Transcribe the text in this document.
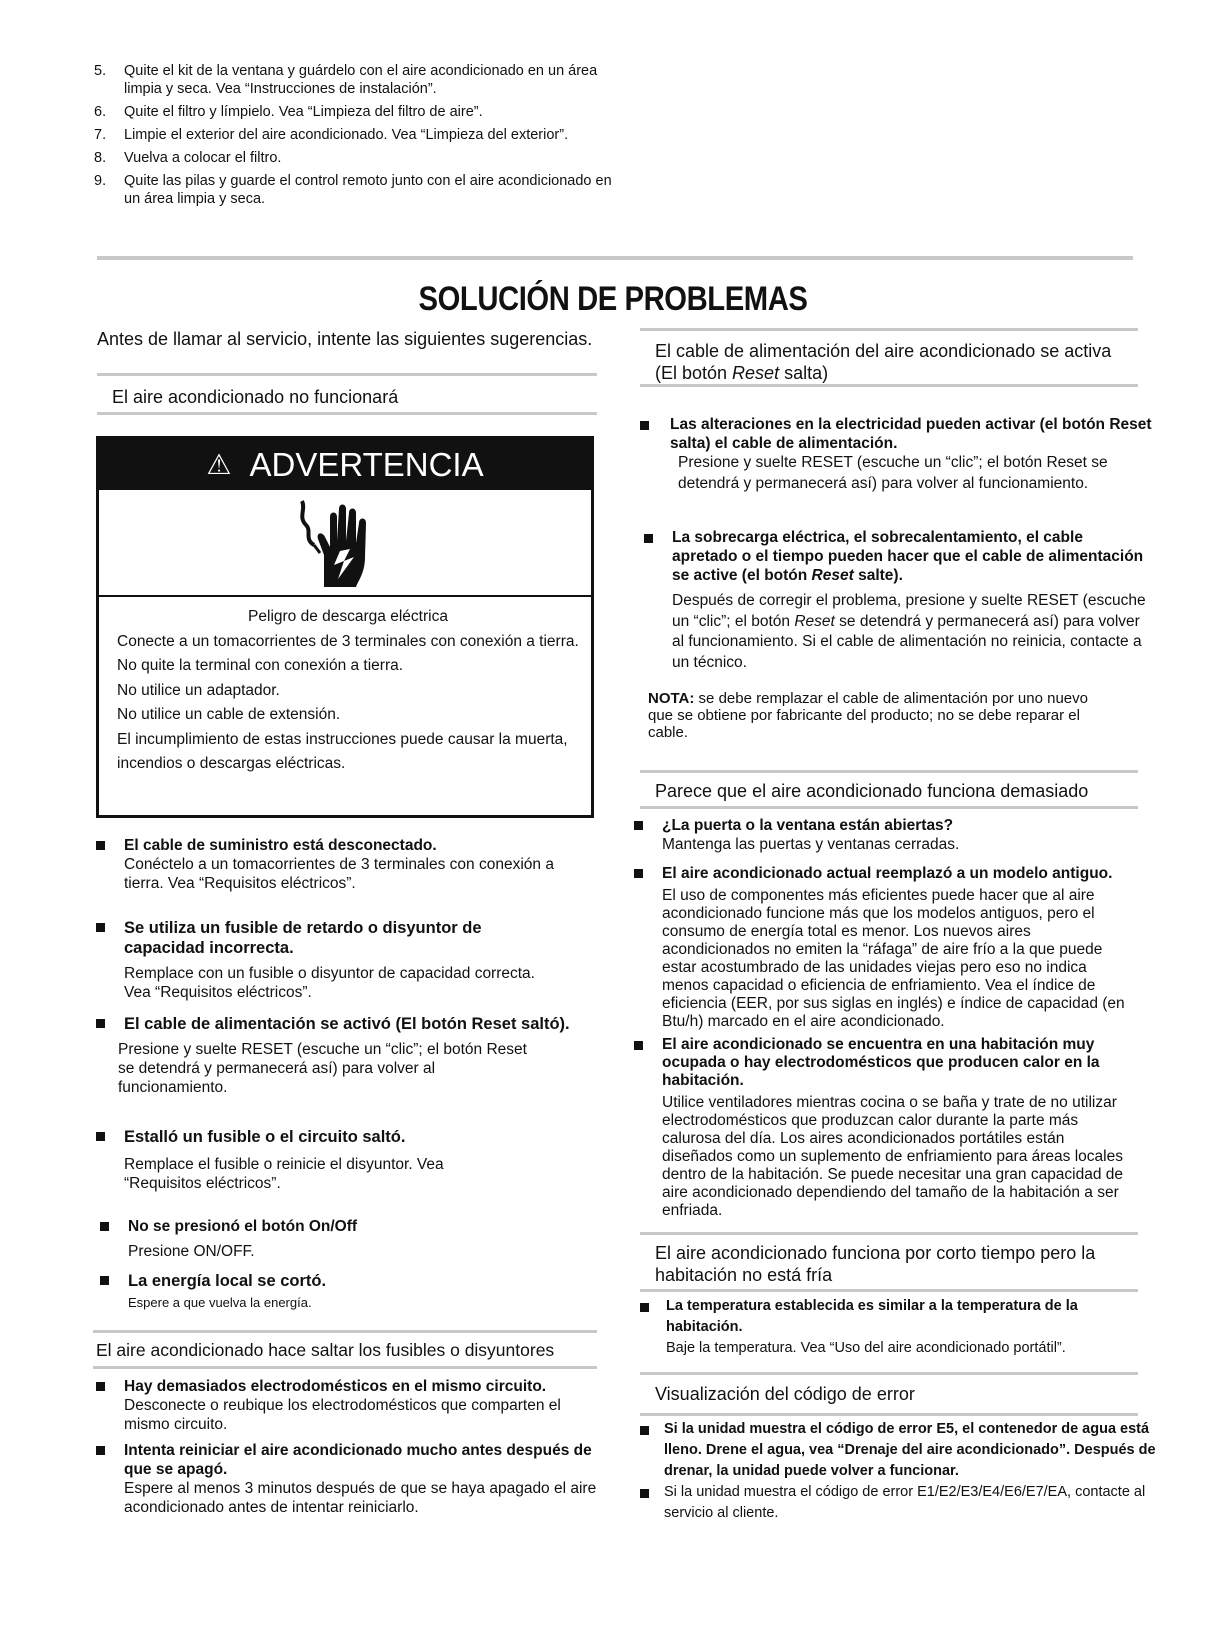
5. Quite el kit de la ventana y guárdelo con el aire acondicionado en un área limpia y seca. Vea “Instrucciones de instalación”.
6. Quite el filtro y límpielo. Vea “Limpieza del filtro de aire”.
7. Limpie el exterior del aire acondicionado. Vea “Limpieza del exterior”.
8. Vuelva a colocar el filtro.
9. Quite las pilas y guarde el control remoto junto con el aire acondicionado en un área limpia y seca.
SOLUCIÓN DE PROBLEMAS
Antes de llamar al servicio, intente las siguientes sugerencias.
El aire acondicionado no funcionará
⚠ ADVERTENCIA
Peligro de descarga eléctrica
Conecte a un tomacorrientes de 3 terminales con conexión a tierra.
No quite la terminal con conexión a tierra.
No utilice un adaptador.
No utilice un cable de extensión.
El incumplimiento de estas instrucciones puede causar la muerta, incendios o descargas eléctricas.
El cable de suministro está desconectado.
Conéctelo a un tomacorrientes de 3 terminales con conexión a tierra. Vea “Requisitos eléctricos”.
Se utiliza un fusible de retardo o disyuntor de capacidad incorrecta.
Remplace con un fusible o disyuntor de capacidad correcta. Vea “Requisitos eléctricos”.
El cable de alimentación se activó (El botón Reset saltó).
Presione y suelte RESET (escuche un “clic”; el botón Reset se detendrá y permanecerá así) para volver al funcionamiento.
Estalló un fusible o el circuito saltó.
Remplace el fusible o reinicie el disyuntor. Vea “Requisitos eléctricos”.
No se presionó el botón On/Off
Presione ON/OFF.
La energía local se cortó.
Espere a que vuelva la energía.
El aire acondicionado hace saltar los fusibles o disyuntores
Hay demasiados electrodomésticos en el mismo circuito.
Desconecte o reubique los electrodomésticos que comparten el mismo circuito.
Intenta reiniciar el aire acondicionado mucho antes después de que se apagó.
Espere al menos 3 minutos después de que se haya apagado el aire acondicionado antes de intentar reiniciarlo.
El cable de alimentación del aire acondicionado se activa (El botón Reset salta)
Las alteraciones en la electricidad pueden activar (el botón Reset salta) el cable de alimentación.
Presione y suelte RESET (escuche un “clic”; el botón Reset se detendrá y permanecerá así) para volver al funcionamiento.
La sobrecarga eléctrica, el sobrecalentamiento, el cable apretado o el tiempo pueden hacer que el cable de alimentación se active (el botón Reset salte).
Después de corregir el problema, presione y suelte RESET (escuche un “clic”; el botón Reset se detendrá y permanecerá así) para volver al funcionamiento. Si el cable de alimentación no reinicia, contacte a un técnico.
NOTA: se debe remplazar el cable de alimentación por uno nuevo que se obtiene por fabricante del producto; no se debe reparar el cable.
Parece que el aire acondicionado funciona demasiado
¿La puerta o la ventana están abiertas?
Mantenga las puertas y ventanas cerradas.
El aire acondicionado actual reemplazó a un modelo antiguo.
El uso de componentes más eficientes puede hacer que al aire acondicionado funcione más que los modelos antiguos, pero el consumo de energía total es menor. Los nuevos aires acondicionados no emiten la “ráfaga” de aire frío a la que puede estar acostumbrado de las unidades viejas pero eso no indica menos capacidad o eficiencia de enfriamiento. Vea el índice de eficiencia (EER, por sus siglas en inglés) e índice de capacidad (en Btu/h) marcado en el aire acondicionado.
El aire acondicionado se encuentra en una habitación muy ocupada o hay electrodomésticos que producen calor en la habitación.
Utilice ventiladores mientras cocina o se baña y trate de no utilizar electrodomésticos que produzcan calor durante la parte más calurosa del día. Los aires acondicionados portátiles están diseñados como un suplemento de enfriamiento para áreas locales dentro de la habitación. Se puede necesitar una gran capacidad de aire acondicionado dependiendo del tamaño de la habitación a ser enfriada.
El aire acondicionado funciona por corto tiempo pero la habitación no está fría
La temperatura establecida es similar a la temperatura de la habitación.
Baje la temperatura. Vea “Uso del aire acondicionado portátil”.
Visualización del código de error
Si la unidad muestra el código de error E5, el contenedor de agua está lleno. Drene el agua, vea “Drenaje del aire acondicionado”. Después de drenar, la unidad puede volver a funcionar.
Si la unidad muestra el código de error E1/E2/E3/E4/E6/E7/EA, contacte al servicio al cliente.
